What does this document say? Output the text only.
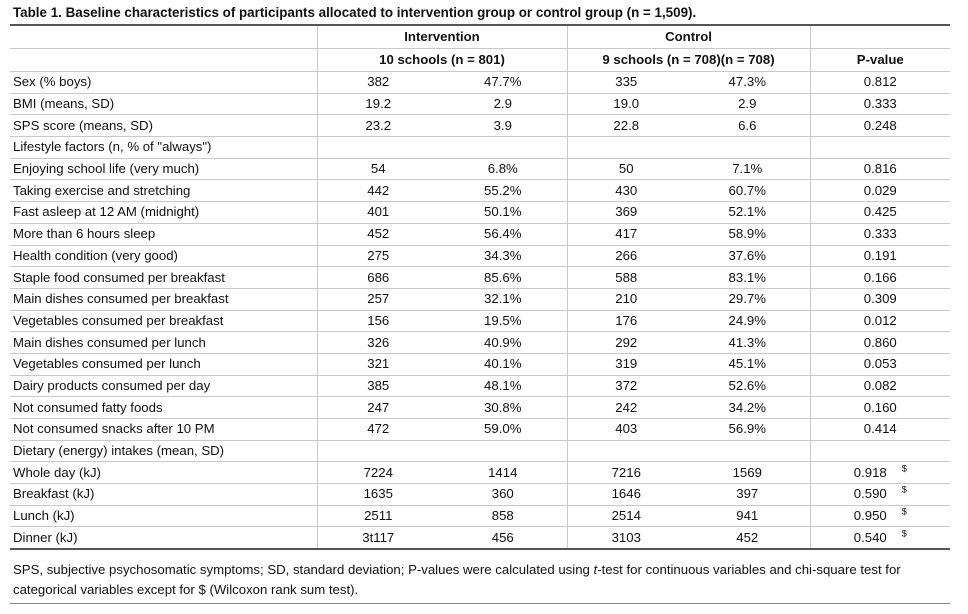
Table 1. Baseline characteristics of participants allocated to intervention group or control group (n = 1,509).
	Intervention		Control		
	10 schools (n = 801)		9 schools (n = 708)(n = 708)		P-value
Sex (% boys)	382	47.7%	335	47.3%	0.812
BMI (means, SD)	19.2	2.9	19.0	2.9	0.333
SPS score (means, SD)	23.2	3.9	22.8	6.6	0.248
Lifestyle factors (n, % of "always")					
Enjoying school life (very much)	54	6.8%	50	7.1%	0.816
Taking exercise and stretching	442	55.2%	430	60.7%	0.029
Fast asleep at 12 AM (midnight)	401	50.1%	369	52.1%	0.425
More than 6 hours sleep	452	56.4%	417	58.9%	0.333
Health condition (very good)	275	34.3%	266	37.6%	0.191
Staple food consumed per breakfast	686	85.6%	588	83.1%	0.166
Main dishes consumed per breakfast	257	32.1%	210	29.7%	0.309
Vegetables consumed per breakfast	156	19.5%	176	24.9%	0.012
Main dishes consumed per lunch	326	40.9%	292	41.3%	0.860
Vegetables consumed per lunch	321	40.1%	319	45.1%	0.053
Dairy products consumed per day	385	48.1%	372	52.6%	0.082
Not consumed fatty foods	247	30.8%	242	34.2%	0.160
Not consumed snacks after 10 PM	472	59.0%	403	56.9%	0.414
Dietary (energy) intakes (mean, SD)					
Whole day (kJ)	7224	1414	7216	1569	0.918 $
Breakfast (kJ)	1635	360	1646	397	0.590 $
Lunch (kJ)	2511	858	2514	941	0.950 $
Dinner (kJ)	3t117	456	3103	452	0.540 $
SPS, subjective psychosomatic symptoms; SD, standard deviation; P-values were calculated using t-test for continuous variables and chi-square test for categorical variables except for $ (Wilcoxon rank sum test).
